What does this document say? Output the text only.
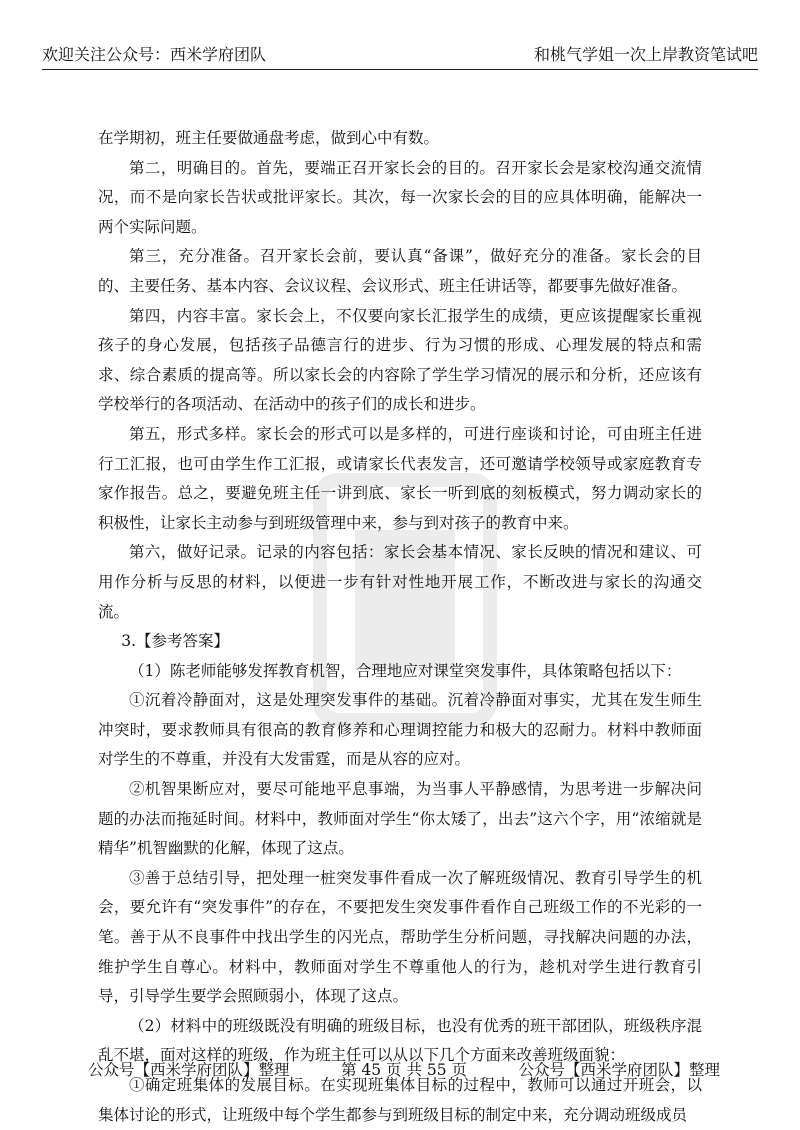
欢迎关注公众号：西米学府团队	和桃气学姐一次上岸教资笔试吧

在学期初，班主任要做通盘考虑，做到心中有数。

第二，明确目的。首先，要端正召开家长会的目的。召开家长会是家校沟通交流情况，而不是向家长告状或批评家长。其次，每一次家长会的目的应具体明确，能解决一两个实际问题。

第三，充分准备。召开家长会前，要认真“备课”，做好充分的准备。家长会的目的、主要任务、基本内容、会议议程、会议形式、班主任讲话等，都要事先做好准备。

第四，内容丰富。家长会上，不仅要向家长汇报学生的成绩，更应该提醒家长重视孩子的身心发展，包括孩子品德言行的进步、行为习惯的形成、心理发展的特点和需求、综合素质的提高等。所以家长会的内容除了学生学习情况的展示和分析，还应该有学校举行的各项活动、在活动中的孩子们的成长和进步。

第五，形式多样。家长会的形式可以是多样的，可进行座谈和讨论，可由班主任进行工汇报，也可由学生作工汇报，或请家长代表发言，还可邀请学校领导或家庭教育专家作报告。总之，要避免班主任一讲到底、家长一听到底的刻板模式，努力调动家长的积极性，让家长主动参与到班级管理中来，参与到对孩子的教育中来。

第六，做好记录。记录的内容包括：家长会基本情况、家长反映的情况和建议、可用作分析与反思的材料，以便进一步有针对性地开展工作，不断改进与家长的沟通交流。

3.【参考答案】

（1）陈老师能够发挥教育机智，合理地应对课堂突发事件，具体策略包括以下：

①沉着冷静面对，这是处理突发事件的基础。沉着冷静面对事实，尤其在发生师生冲突时，要求教师具有很高的教育修养和心理调控能力和极大的忍耐力。材料中教师面对学生的不尊重，并没有大发雷霆，而是从容的应对。

②机智果断应对，要尽可能地平息事端，为当事人平静感情，为思考进一步解决问题的办法而拖延时间。材料中，教师面对学生“你太矮了，出去”这六个字，用“浓缩就是精华”机智幽默的化解，体现了这点。

③善于总结引导，把处理一桩突发事件看成一次了解班级情况、教育引导学生的机会，要允许有“突发事件”的存在，不要把发生突发事件看作自己班级工作的不光彩的一笔。善于从不良事件中找出学生的闪光点，帮助学生分析问题，寻找解决问题的办法，维护学生自尊心。材料中，教师面对学生不尊重他人的行为，趁机对学生进行教育引导，引导学生要学会照顾弱小，体现了这点。

（2）材料中的班级既没有明确的班级目标，也没有优秀的班干部团队，班级秩序混乱不堪，面对这样的班级，作为班主任可以从以下几个方面来改善班级面貌：

①确定班集体的发展目标。在实现班集体目标的过程中，教师可以通过开班会，以集体讨论的形式，让班级中每个学生都参与到班级目标的制定中来，充分调动班级成员

公众号【西米学府团队】整理	第 45 页 共 55 页	公众号【西米学府团队】整理
